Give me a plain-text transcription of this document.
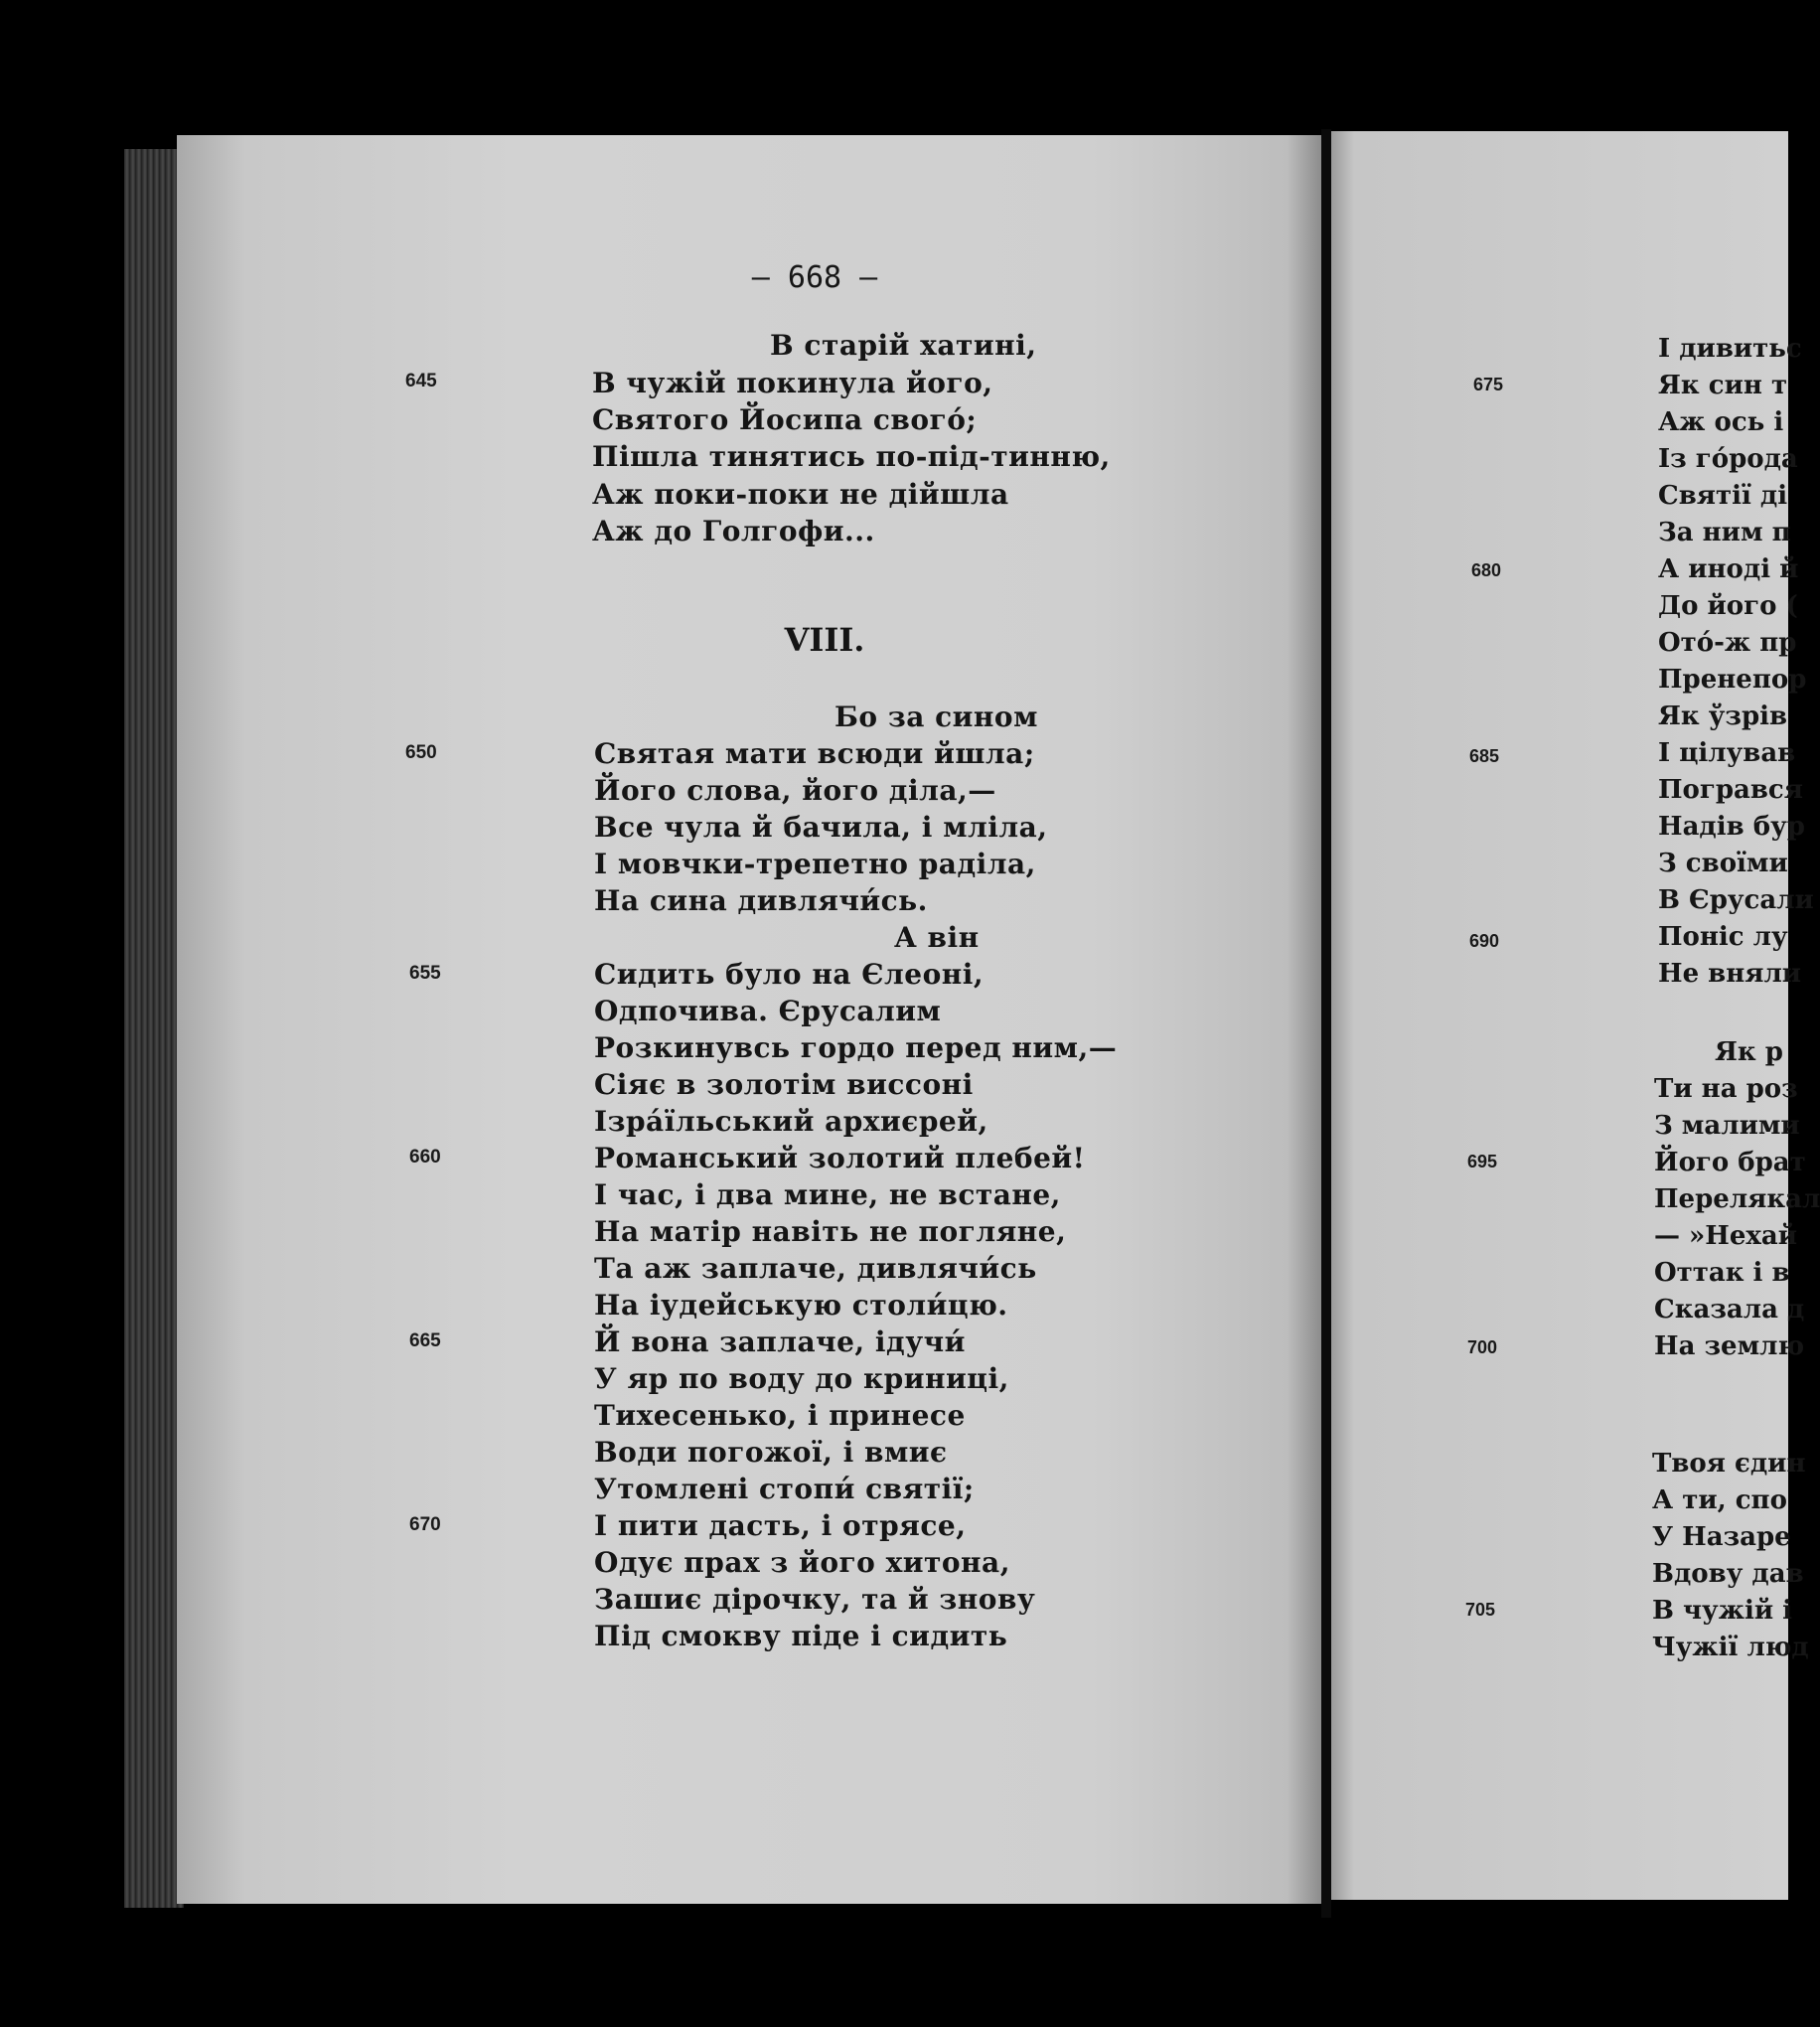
— 668 —
VIII.
В старій хатині,
В чужій покинула його,
Святого Йосипа свогó;
Пішла тинятись по-під-тинню,
Аж поки-поки не дійшла
Аж до Голгофи...
Бо за сином
Святая мати всюди йшла;
Його слова, його діла,—
Все чула й бачила, і мліла,
І мовчки-трепетно раділа,
На сина дивлячи́сь.
А він
Сидить було на Єлеоні,
Одпочива. Єрусалим
Розкинувсь гордо перед ним,—
Сіяє в золотім виссоні
Ізра́їльський архиєрей,
Романський золотий плебей!
І час, і два мине, не встане,
На матір навіть не погляне,
Та аж заплаче, дивлячи́сь
На іудейськую столи́цю.
Й вона заплаче, ідучи́
У яр по воду до криниці,
Тихесенько, і принесе
Води погожої, і вмиє
Утомлені стопи́ святії;
І пити дасть, і отрясе,
Одує прах з його хитона,
Зашиє дірочку, та й знову
Під смокву піде і сидить
645
650
655
660
665
670
І дивитьс
Як син т
Аж ось і
Із гóрода
Святії ді
За ним п
А иноді й
До його (
Отó-ж пр
Пренепор
Як ўзрів
І цілував
Погрався
Надів бур
З своїми
В Єрусали
Поніс лу
Не вняли
Як р
Ти на роз
З малими
Його брат
Перелякал
— »Нехай
Оттак і в
Сказала д
На землю
Твоя єдин
А ти, спо
У Назаре
Вдову дав
В чужій і
Чужії люд
675
680
685
690
695
700
705
